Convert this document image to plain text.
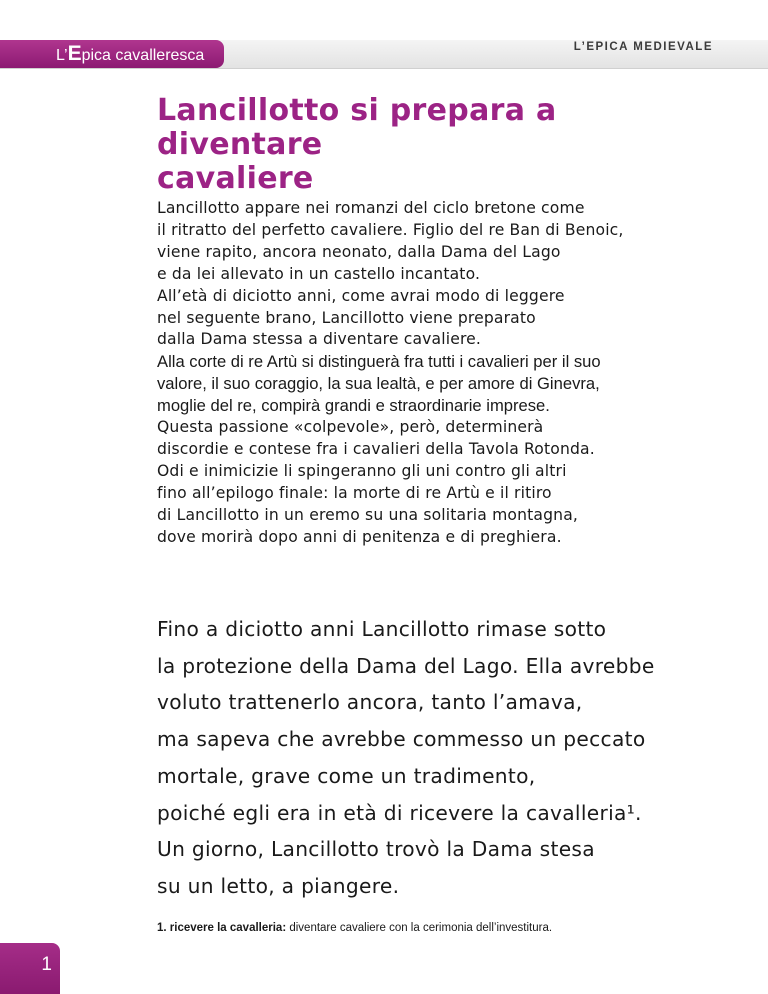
L’Epica cavalleresca	L’EPICA MEDIEVALE
Lancillotto si prepara a diventare
cavaliere
Lancillotto appare nei romanzi del ciclo bretone come
il ritratto del perfetto cavaliere. Figlio del re Ban di Benoic,
viene rapito, ancora neonato, dalla Dama del Lago
e da lei allevato in un castello incantato.
All’età di diciotto anni, come avrai modo di leggere
nel seguente brano, Lancillotto viene preparato
dalla Dama stessa a diventare cavaliere.
Alla corte di re Artù si distinguerà fra tutti i cavalieri per il suo
valore, il suo coraggio, la sua lealtà, e per amore di Ginevra,
moglie del re, compirà grandi e straordinarie imprese.
Questa passione «colpevole», però, determinerà
discordie e contese fra i cavalieri della Tavola Rotonda.
Odi e inimicizie li spingeranno gli uni contro gli altri
fino all’epilogo finale: la morte di re Artù e il ritiro
di Lancillotto in un eremo su una solitaria montagna,
dove morirà dopo anni di penitenza e di preghiera.
Fino a diciotto anni Lancillotto rimase sotto
la protezione della Dama del Lago. Ella avrebbe
voluto trattenerlo ancora, tanto l’amava,
ma sapeva che avrebbe commesso un peccato
mortale, grave come un tradimento,
poiché egli era in età di ricevere la cavalleria¹.
Un giorno, Lancillotto trovò la Dama stesa
su un letto, a piangere.
1. ricevere la cavalleria: diventare cavaliere con la cerimonia dell’investitura.
1
